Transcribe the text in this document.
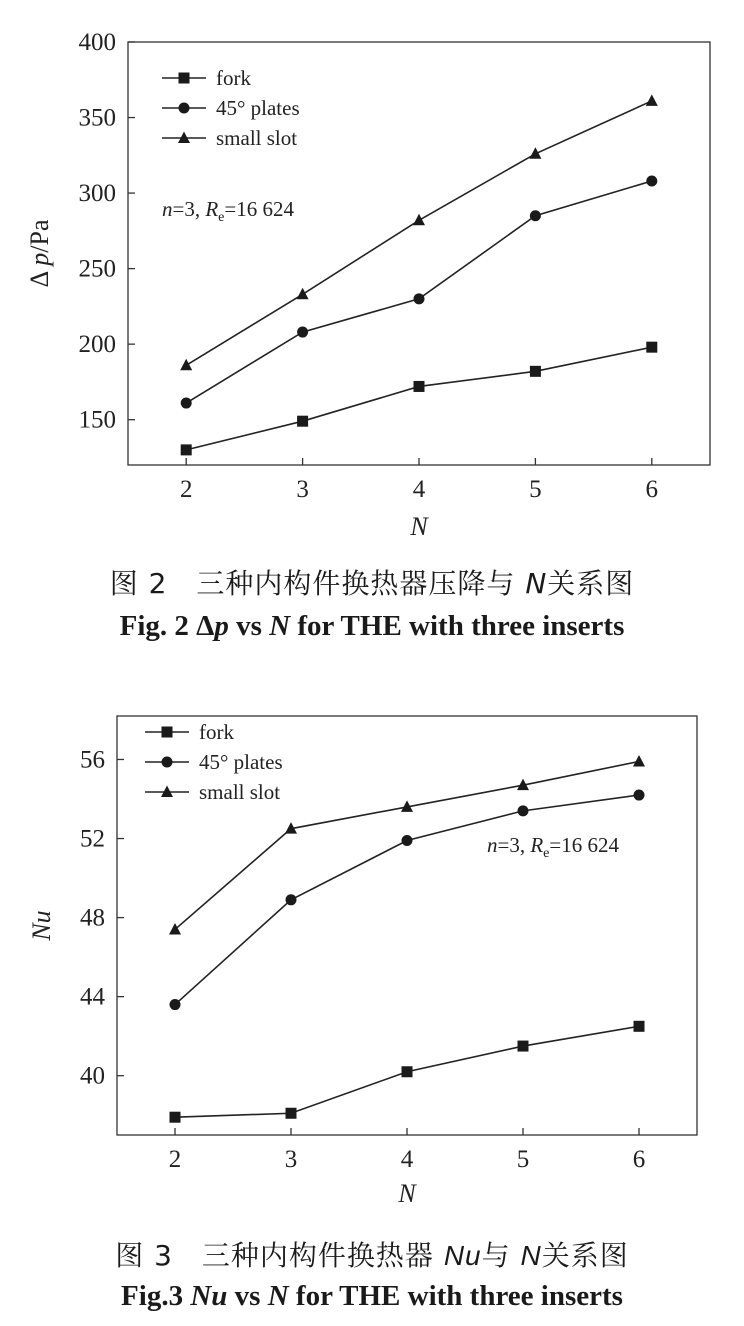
150
200
250
300
350
400
2	3	4	5	6
N
Δ p/Pa
fork
45° plates
small slot
n=3, $R_e=16$ 624
图 2　三种内构件换热器压降与 N关系图
Fig. 2 Δp vs N for THE with three inserts
40
44
48
52
56
2	3	4	5	6
N
Nu
fork
45° plates
small slot
n=3, $R_e=16$ 624
图 3　三种内构件换热器 Nu与 N关系图
Fig.3 Nu vs N for THE with three inserts
